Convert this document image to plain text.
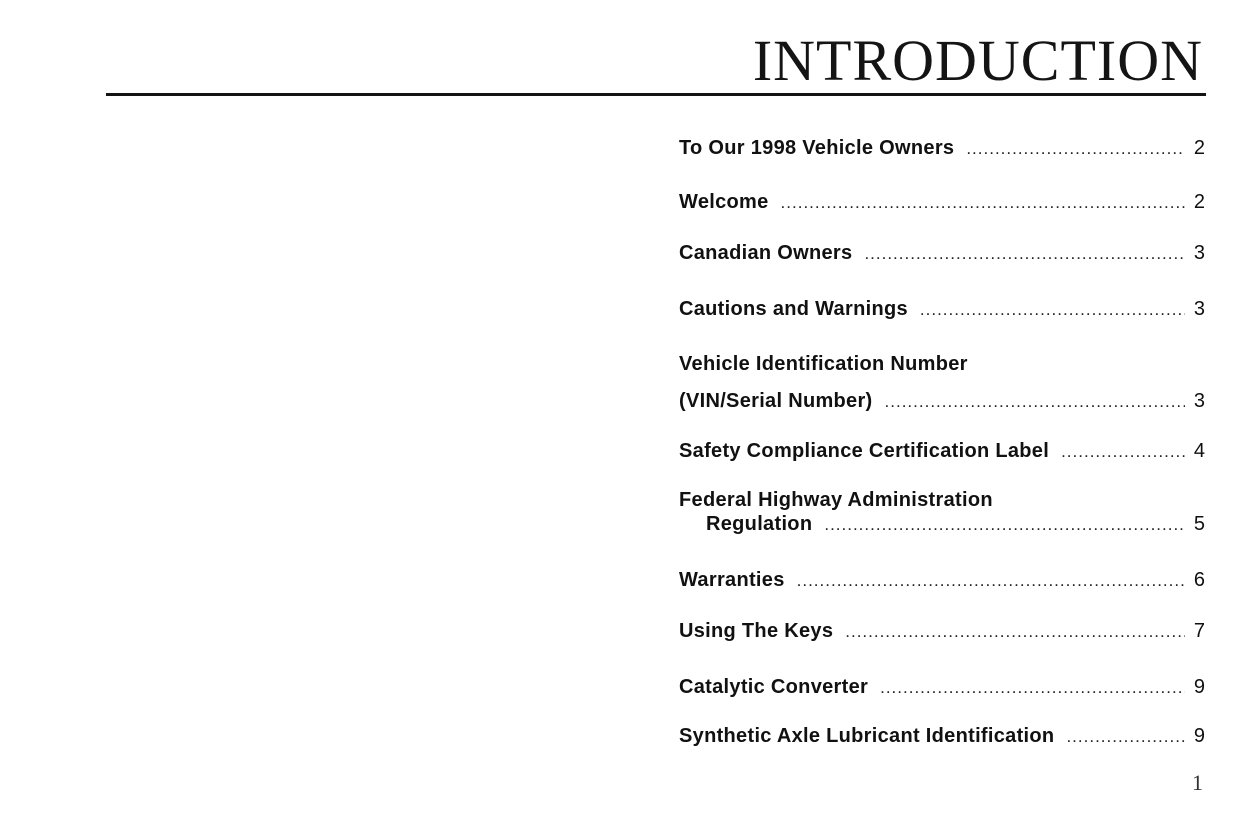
INTRODUCTION
To Our 1998 Vehicle Owners .....	2
Welcome .....	2
Canadian Owners .....	3
Cautions and Warnings .....	3
Vehicle Identification Number
(VIN/Serial Number) .....	3
Safety Compliance Certification Label .....	4
Federal Highway Administration
Regulation .....	5
Warranties .....	6
Using The Keys .....	7
Catalytic Converter .....	9
Synthetic Axle Lubricant Identification .....	9
1
